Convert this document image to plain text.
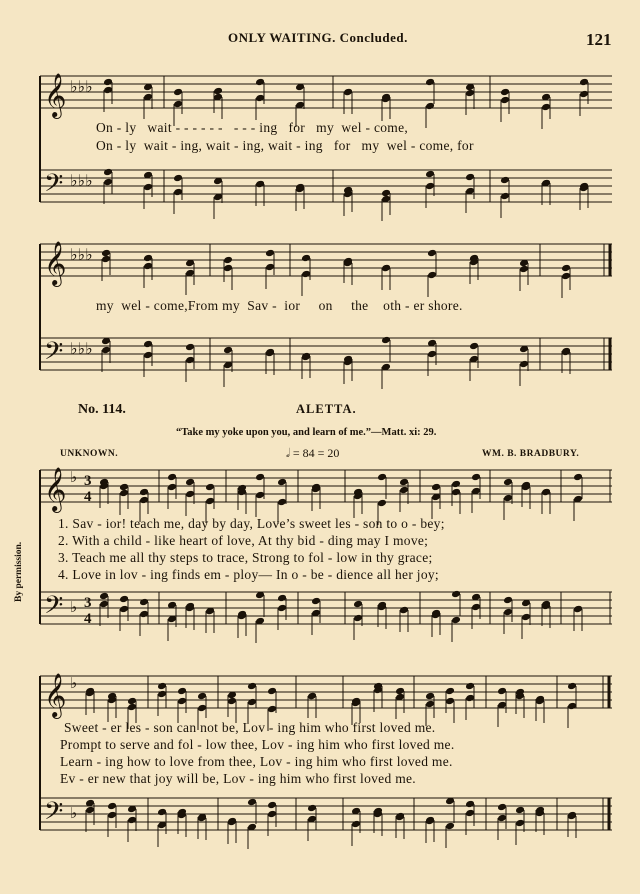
ONLY WAITING. Concluded.	121
𝄞
𝄢
𝄞
𝄢
𝄞
𝄢
𝄞
𝄢
♭♭♭
♭♭♭
♭♭♭
♭♭♭
♭
♭
♭
♭
3
4
3
4
On - ly wait - - - - - - - - - ing for my wel - come,
On - ly wait - ing, wait - ing, wait - ing for my wel - come, for
my wel - come,From my Sav - ior on the oth - er shore.
No. 114.	ALETTA.
“Take my yoke upon you, and learn of me.”—Matt. xi: 29.
UNKNOWN.	WM. B. BRADBURY.
𝅗𝅥 = 84 = 20
By permission.
1. Sav - ior! teach me, day by day, Love’s sweet les - son to o - bey;
2. With a child - like heart of love, At thy bid - ding may I move;
3. Teach me all thy steps to trace, Strong to fol - low in thy grace;
4. Love in lov - ing finds em - ploy— In o - be - dience all her joy;
Sweet - er les - son can not be, Lov - ing him who first loved me.
Prompt to serve and fol - low thee, Lov - ing him who first loved me.
Learn - ing how to love from thee, Lov - ing him who first loved me.
Ev - er new that joy will be, Lov - ing him who first loved me.
